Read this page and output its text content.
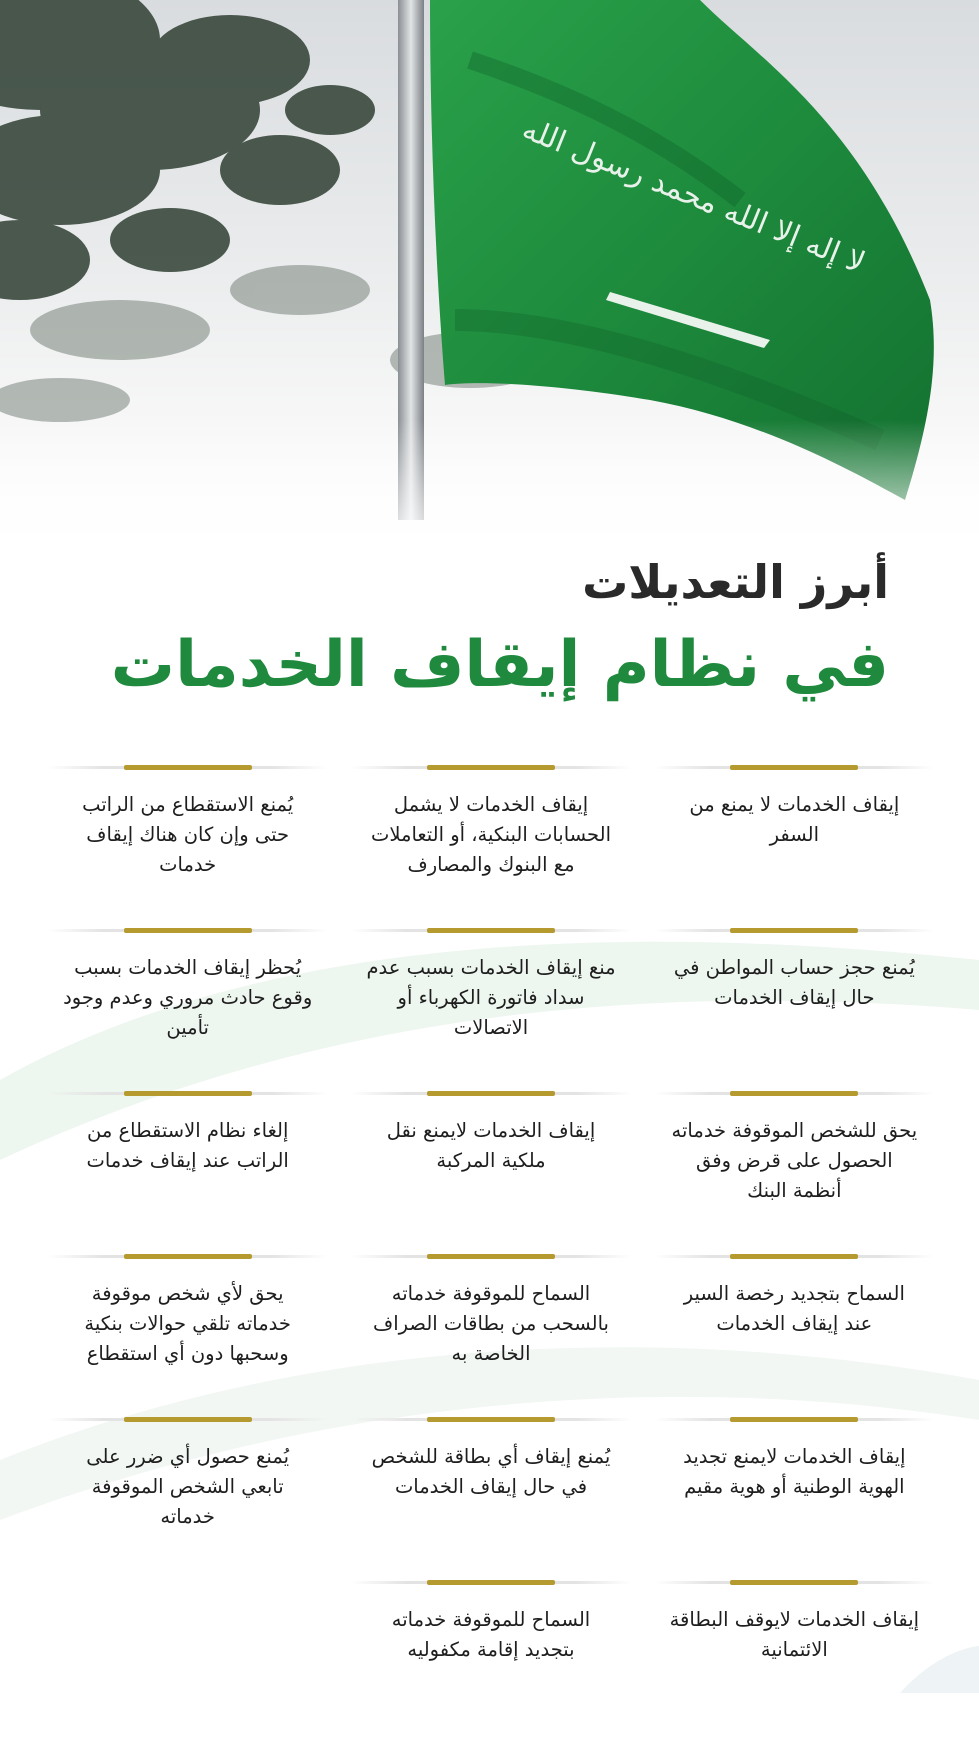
لا إله إلا الله محمد رسول الله
أبرز التعديلات
في نظام إيقاف الخدمات
إيقاف الخدمات لا يمنع من السفر
إيقاف الخدمات لا يشمل الحسابات البنكية، أو التعاملات مع البنوك والمصارف
يُمنع الاستقطاع من الراتب حتى وإن كان هناك إيقاف خدمات
يُمنع حجز حساب المواطن في حال إيقاف الخدمات
منع إيقاف الخدمات بسبب عدم سداد فاتورة الكهرباء أو الاتصالات
يُحظر إيقاف الخدمات بسبب وقوع حادث مروري وعدم وجود تأمين
يحق للشخص الموقوفة خدماته الحصول على قرض وفق أنظمة البنك
إيقاف الخدمات لايمنع نقل ملكية المركبة
إلغاء نظام الاستقطاع من الراتب عند إيقاف خدمات
السماح بتجديد رخصة السير عند إيقاف الخدمات
السماح للموقوفة خدماته بالسحب من بطاقات الصراف الخاصة به
يحق لأي شخص موقوفة خدماته تلقي حوالات بنكية وسحبها دون أي استقطاع
إيقاف الخدمات لايمنع تجديد الهوية الوطنية أو هوية مقيم
يُمنع إيقاف أي بطاقة للشخص في حال إيقاف الخدمات
يُمنع حصول أي ضرر على تابعي الشخص الموقوفة خدماته
إيقاف الخدمات لايوقف البطاقة الائتمانية
السماح للموقوفة خدماته بتجديد إقامة مكفوليه
